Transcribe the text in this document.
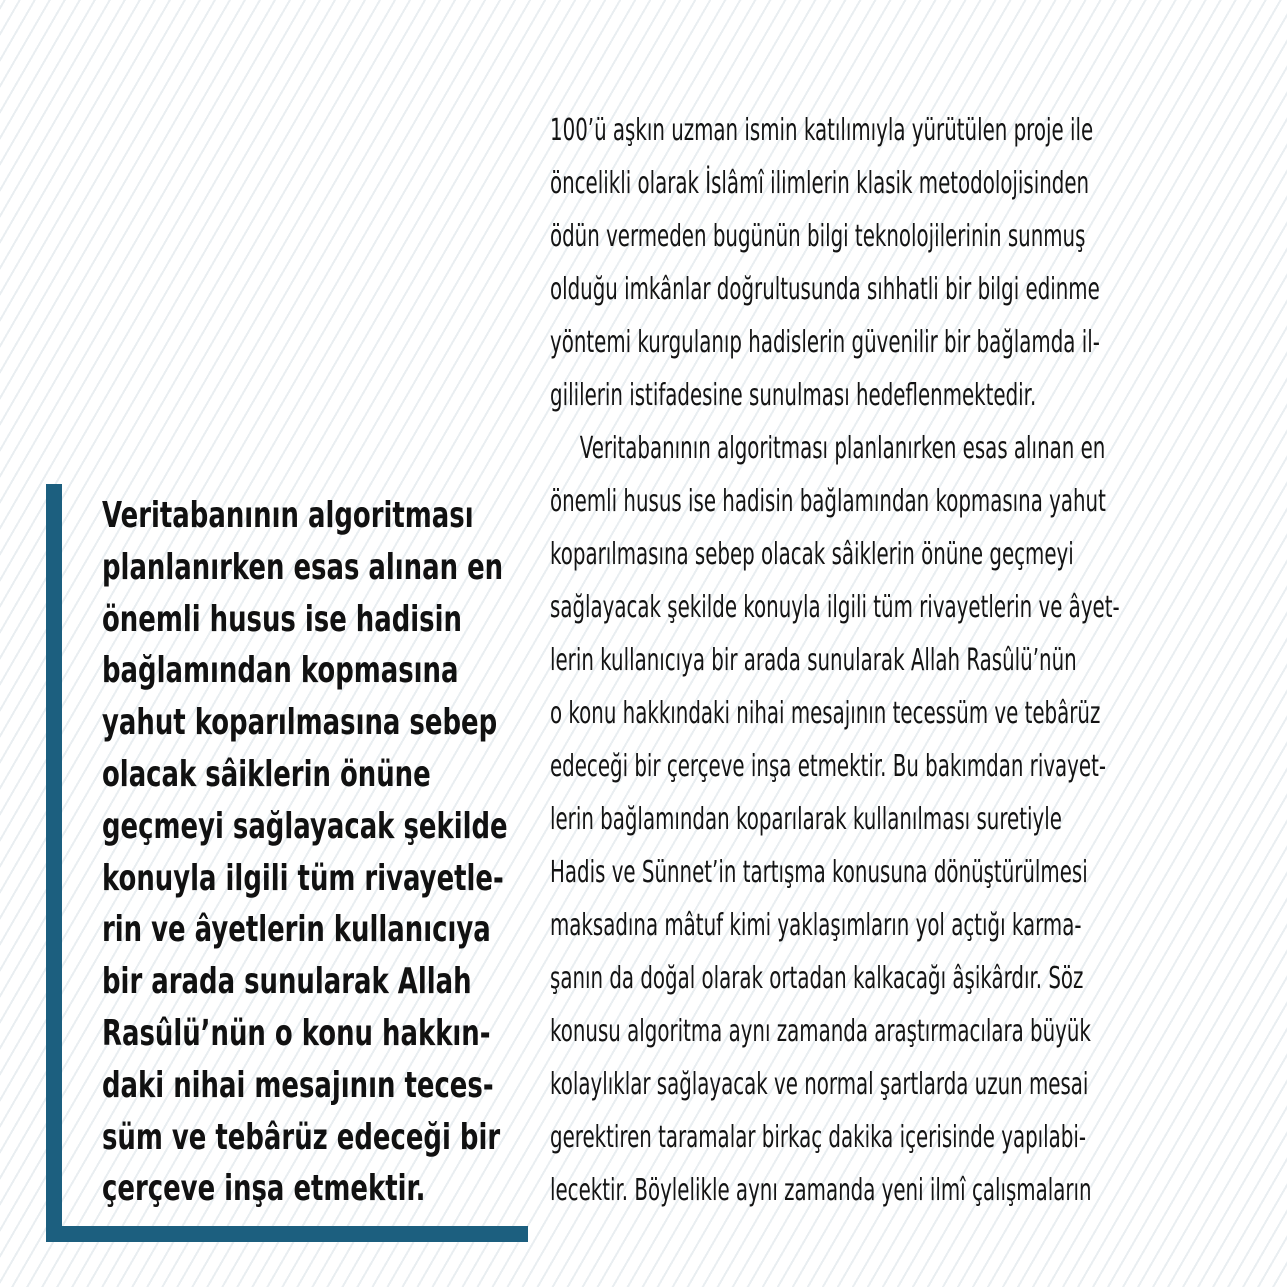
Veritabanının algoritması
planlanırken esas alınan en
önemli husus ise hadisin
bağlamından kopmasına
yahut koparılmasına sebep
olacak sâiklerin önüne
geçmeyi sağlayacak şekilde
konuyla ilgili tüm rivayetle-
rin ve âyetlerin kullanıcıya
bir arada sunularak Allah
Rasûlü’nün o konu hakkın-
daki nihai mesajının teces-
süm ve tebârüz edeceği bir
çerçeve inşa etmektir.
100’ü aşkın uzman ismin katılımıyla yürütülen proje ile
öncelikli olarak İslâmî ilimlerin klasik metodolojisinden
ödün vermeden bugünün bilgi teknolojilerinin sunmuş
olduğu imkânlar doğrultusunda sıhhatli bir bilgi edinme
yöntemi kurgulanıp hadislerin güvenilir bir bağlamda il-
gililerin istifadesine sunulması hedeflenmektedir.
Veritabanının algoritması planlanırken esas alınan en
önemli husus ise hadisin bağlamından kopmasına yahut
koparılmasına sebep olacak sâiklerin önüne geçmeyi
sağlayacak şekilde konuyla ilgili tüm rivayetlerin ve âyet-
lerin kullanıcıya bir arada sunularak Allah Rasûlü’nün
o konu hakkındaki nihai mesajının tecessüm ve tebârüz
edeceği bir çerçeve inşa etmektir. Bu bakımdan rivayet-
lerin bağlamından koparılarak kullanılması suretiyle
Hadis ve Sünnet’in tartışma konusuna dönüştürülmesi
maksadına mâtuf kimi yaklaşımların yol açtığı karma-
şanın da doğal olarak ortadan kalkacağı âşikârdır. Söz
konusu algoritma aynı zamanda araştırmacılara büyük
kolaylıklar sağlayacak ve normal şartlarda uzun mesai
gerektiren taramalar birkaç dakika içerisinde yapılabi-
lecektir. Böylelikle aynı zamanda yeni ilmî çalışmaların
